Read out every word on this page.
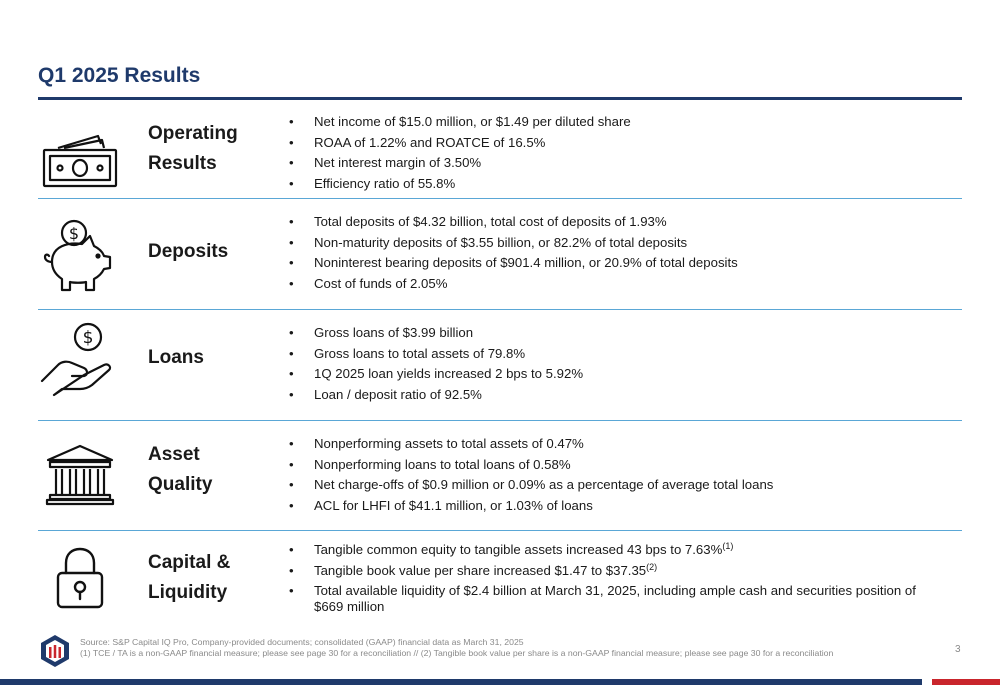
Q1 2025 Results
Operating
Results
• Net income of $15.0 million, or $1.49 per diluted share
• ROAA of 1.22% and ROATCE of 16.5%
• Net interest margin of 3.50%
• Efficiency ratio of 55.8%
$
Deposits
• Total deposits of $4.32 billion, total cost of deposits of 1.93%
• Non-maturity deposits of $3.55 billion, or 82.2% of total deposits
• Noninterest bearing deposits of $901.4 million, or 20.9% of total deposits
• Cost of funds of 2.05%
$
Loans
• Gross loans of $3.99 billion
• Gross loans to total assets of 79.8%
• 1Q 2025 loan yields increased 2 bps to 5.92%
• Loan / deposit ratio of 92.5%
Asset
Quality
• Nonperforming assets to total assets of 0.47%
• Nonperforming loans to total loans of 0.58%
• Net charge-offs of $0.9 million or 0.09% as a percentage of average total loans
• ACL for LHFI of $41.1 million, or 1.03% of loans
Capital &
Liquidity
• Tangible common equity to tangible assets increased 43 bps to 7.63%$^{(1)}$
• Tangible book value per share increased $1.47 to $37.35$^{(2)}$
• Total available liquidity of $2.4 billion at March 31, 2025, including ample cash and securities position of $669 million
Source: S&P Capital IQ Pro, Company-provided documents; consolidated (GAAP) financial data as March 31, 2025
(1) TCE / TA is a non-GAAP financial measure; please see page 30 for a reconciliation // (2) Tangible book value per share is a non-GAAP financial measure; please see page 30 for a reconciliation	3
